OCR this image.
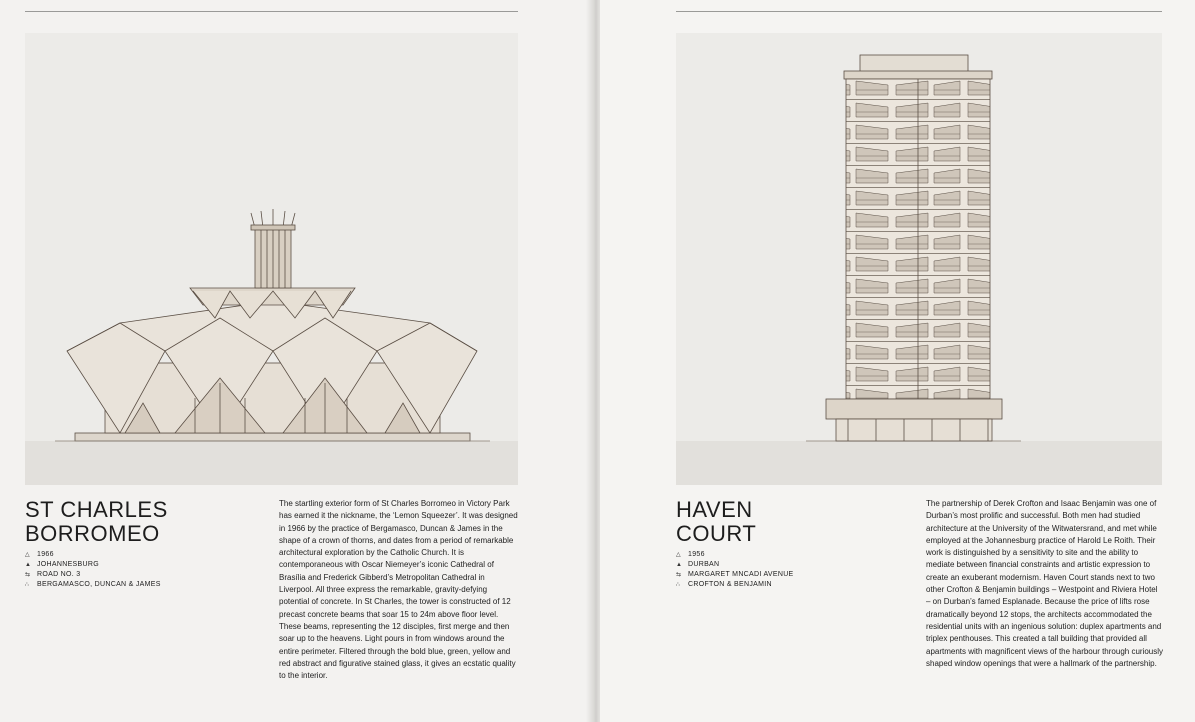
ST CHARLES
BORROMEO
△	1966
▲ JOHANNESBURG
⇆ ROAD NO. 3
∴	BERGAMASCO, DUNCAN & JAMES

The startling exterior form of St Charles Borromeo in Victory Park has earned it the nickname, the ‘Lemon Squeezer’. It was designed in 1966 by the practice of Bergamasco, Duncan & James in the shape of a crown of thorns, and dates from a period of remarkable architectural exploration by the Catholic Church. It is contemporaneous with Oscar Niemeyer’s iconic Cathedral of Brasília and Frederick Gibberd’s Metropolitan Cathedral in Liverpool. All three express the remarkable, gravity-defying potential of concrete. In St Charles, the tower is constructed of 12 precast concrete beams that soar 15 to 24m above floor level. These beams, representing the 12 disciples, first merge and then soar up to the heavens. Light pours in from windows around the entire perimeter. Filtered through the bold blue, green, yellow and red abstract and figurative stained glass, it gives an ecstatic quality to the interior.

HAVEN
COURT
△	1956
▲ DURBAN
⇆ MARGARET MNCADI AVENUE
∴	CROFTON & BENJAMIN

The partnership of Derek Crofton and Isaac Benjamin was one of Durban’s most prolific and successful. Both men had studied architecture at the University of the Witwatersrand, and met while employed at the Johannesburg practice of Harold Le Roith. Their work is distinguished by a sensitivity to site and the ability to mediate between financial constraints and artistic expression to create an exuberant modernism. Haven Court stands next to two other Crofton & Benjamin buildings – Westpoint and Riviera Hotel – on Durban’s famed Esplanade. Because the price of lifts rose dramatically beyond 12 stops, the architects accommodated the residential units with an ingenious solution: duplex apartments and triplex penthouses. This created a tall building that provided all apartments with magnificent views of the harbour through curiously shaped window openings that were a hallmark of the partnership.
